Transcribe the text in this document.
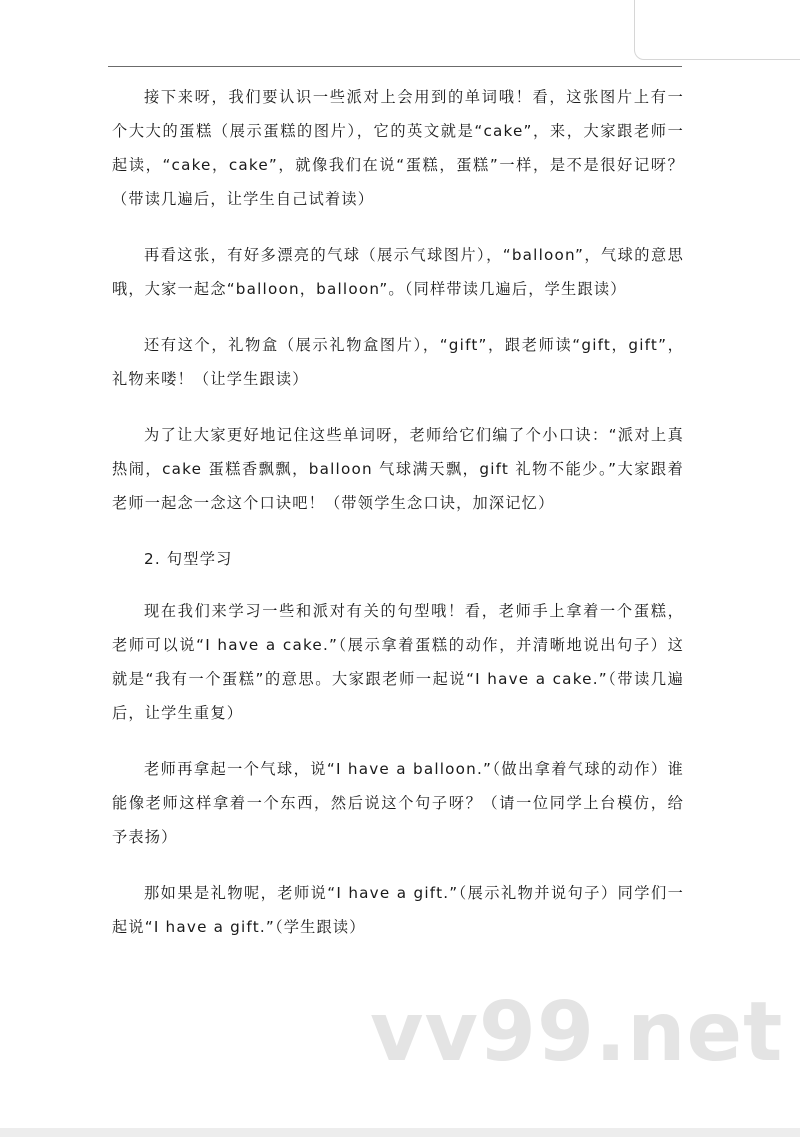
接下来呀，我们要认识一些派对上会用到的单词哦！看，这张图片上有一个大大的蛋糕（展示蛋糕的图片），它的英文就是“cake”，来，大家跟老师一起读，“cake，cake”，就像我们在说“蛋糕，蛋糕”一样，是不是很好记呀？（带读几遍后，让学生自己试着读）

再看这张，有好多漂亮的气球（展示气球图片），“balloon”，气球的意思哦，大家一起念“balloon，balloon”。（同样带读几遍后，学生跟读）

还有这个，礼物盒（展示礼物盒图片），“gift”，跟老师读“gift，gift”，礼物来喽！（让学生跟读）

为了让大家更好地记住这些单词呀，老师给它们编了个小口诀：“派对上真热闹，cake 蛋糕香飘飘，balloon 气球满天飘，gift 礼物不能少。”大家跟着老师一起念一念这个口诀吧！（带领学生念口诀，加深记忆）

2. 句型学习

现在我们来学习一些和派对有关的句型哦！看，老师手上拿着一个蛋糕，老师可以说“I have a cake.”（展示拿着蛋糕的动作，并清晰地说出句子）这就是“我有一个蛋糕”的意思。大家跟老师一起说“I have a cake.”（带读几遍后，让学生重复）

老师再拿起一个气球，说“I have a balloon.”（做出拿着气球的动作）谁能像老师这样拿着一个东西，然后说这个句子呀？（请一位同学上台模仿，给予表扬）

那如果是礼物呢，老师说“I have a gift.”（展示礼物并说句子）同学们一起说“I have a gift.”（学生跟读）

vv99.net
